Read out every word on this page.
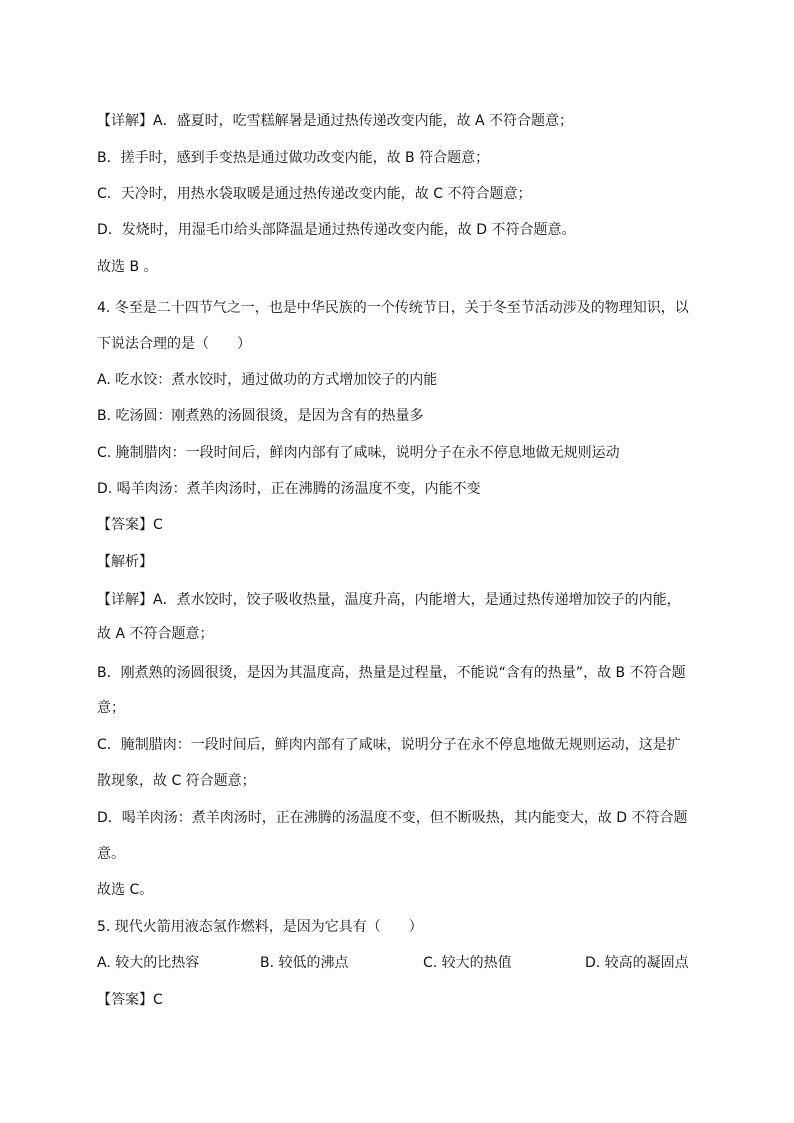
【详解】A．盛夏时，吃雪糕解暑是通过热传递改变内能，故 A 不符合题意；

B．搓手时，感到手变热是通过做功改变内能，故 B 符合题意；

C．天冷时，用热水袋取暖是通过热传递改变内能，故 C 不符合题意；

D．发烧时，用湿毛巾给头部降温是通过热传递改变内能，故 D 不符合题意。

故选 B 。

4. 冬至是二十四节气之一，也是中华民族的一个传统节日，关于冬至节活动涉及的物理知识，以

下说法合理的是（　　）

A. 吃水饺：煮水饺时，通过做功的方式增加饺子的内能

B. 吃汤圆：刚煮熟的汤圆很烫，是因为含有的热量多

C. 腌制腊肉：一段时间后，鲜肉内部有了咸味，说明分子在永不停息地做无规则运动

D. 喝羊肉汤：煮羊肉汤时，正在沸腾的汤温度不变，内能不变

【答案】C

【解析】

【详解】A．煮水饺时，饺子吸收热量，温度升高，内能增大，是通过热传递增加饺子的内能，

故 A 不符合题意；

B．刚煮熟的汤圆很烫，是因为其温度高，热量是过程量，不能说“含有的热量”，故 B 不符合题

意；

C．腌制腊肉：一段时间后，鲜肉内部有了咸味，说明分子在永不停息地做无规则运动，这是扩

散现象，故 C 符合题意；

D．喝羊肉汤：煮羊肉汤时，正在沸腾的汤温度不变，但不断吸热，其内能变大，故 D 不符合题

意。

故选 C。

5. 现代火箭用液态氢作燃料，是因为它具有（　　）

A. 较大的比热容	B. 较低的沸点	C. 较大的热值	D. 较高的凝固点

【答案】C
